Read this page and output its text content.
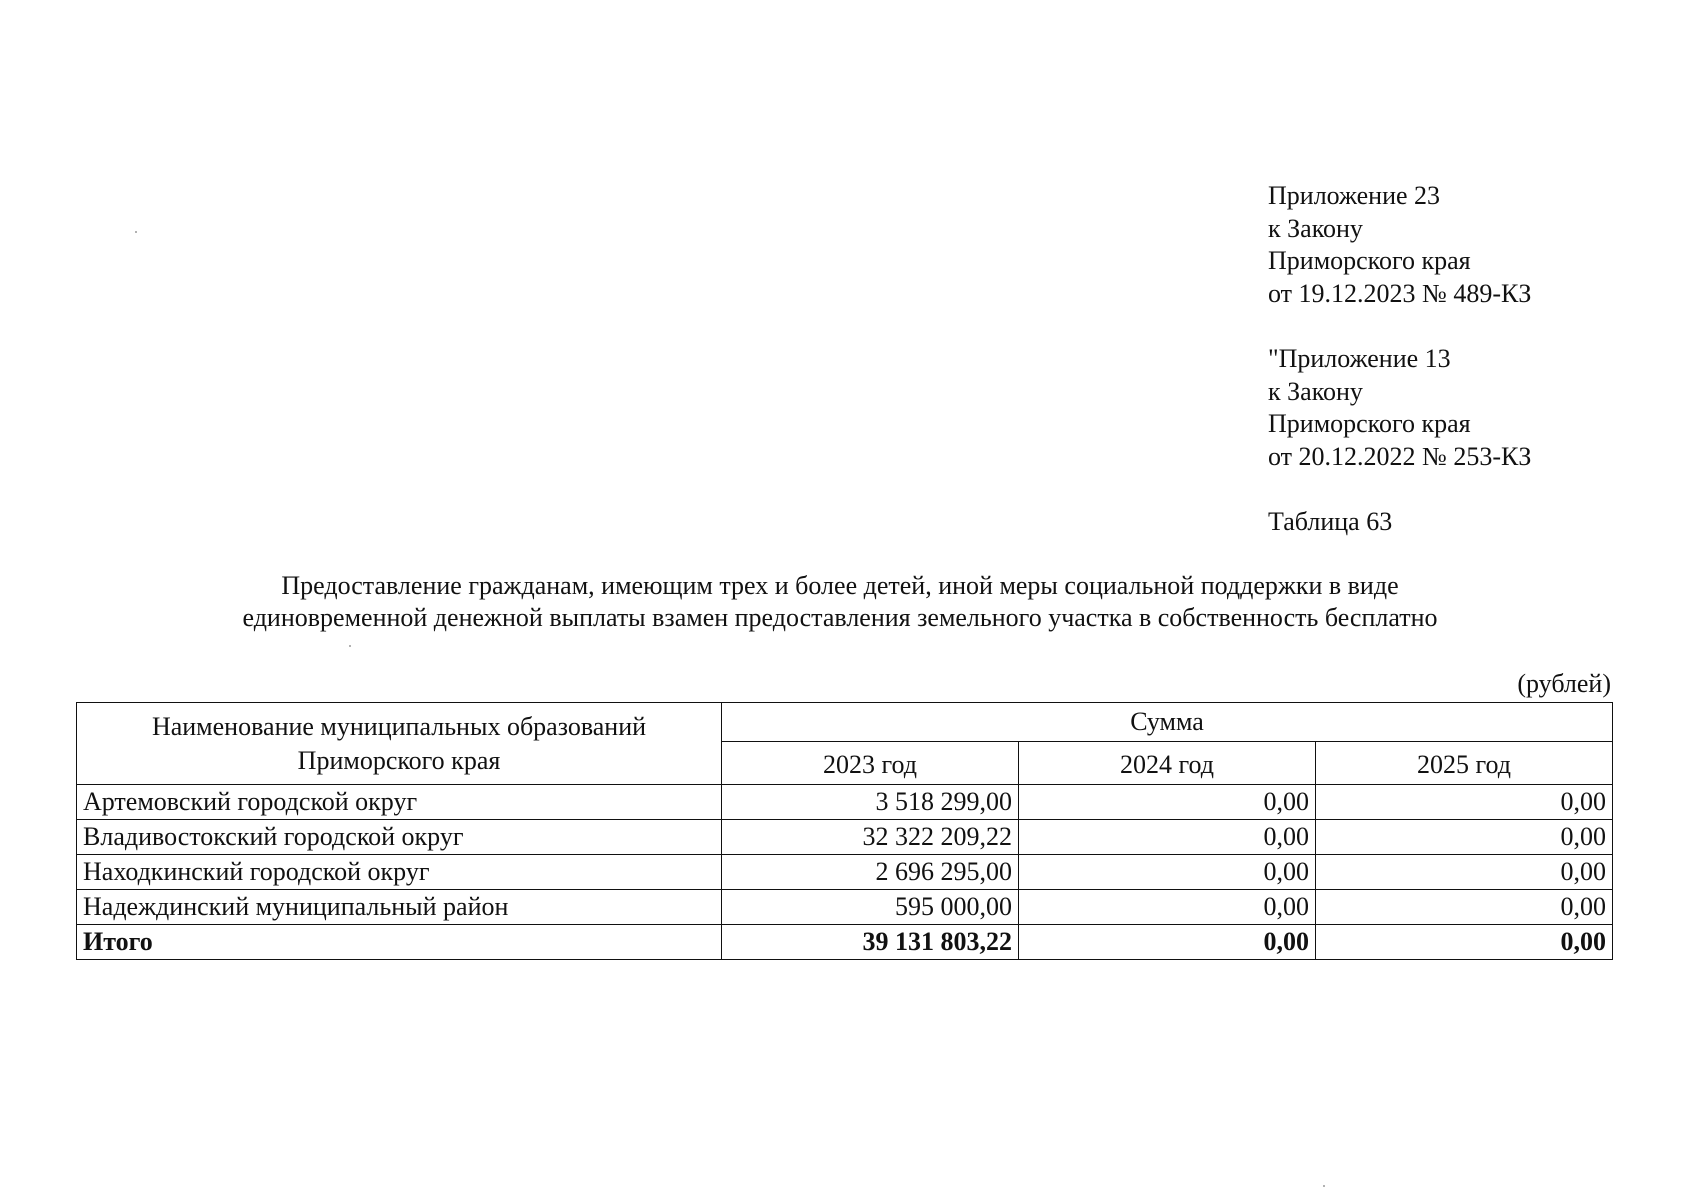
Приложение 23
к Закону
Приморского края
от 19.12.2023 № 489-КЗ
"Приложение 13
к Закону
Приморского края
от 20.12.2022 № 253-КЗ
Таблица 63
Предоставление гражданам, имеющим трех и более детей, иной меры социальной поддержки в виде
единовременной денежной выплаты взамен предоставления земельного участка в собственность бесплатно
(рублей)
Наименование муниципальных образований
Приморского края	Сумма		
	2023 год	2024 год	2025 год
Артемовский городской округ	3 518 299,00	0,00	0,00
Владивостокский городской округ	32 322 209,22	0,00	0,00
Находкинский городской округ	2 696 295,00	0,00	0,00
Надеждинский муниципальный район	595 000,00	0,00	0,00
Итого	39 131 803,22	0,00	0,00
